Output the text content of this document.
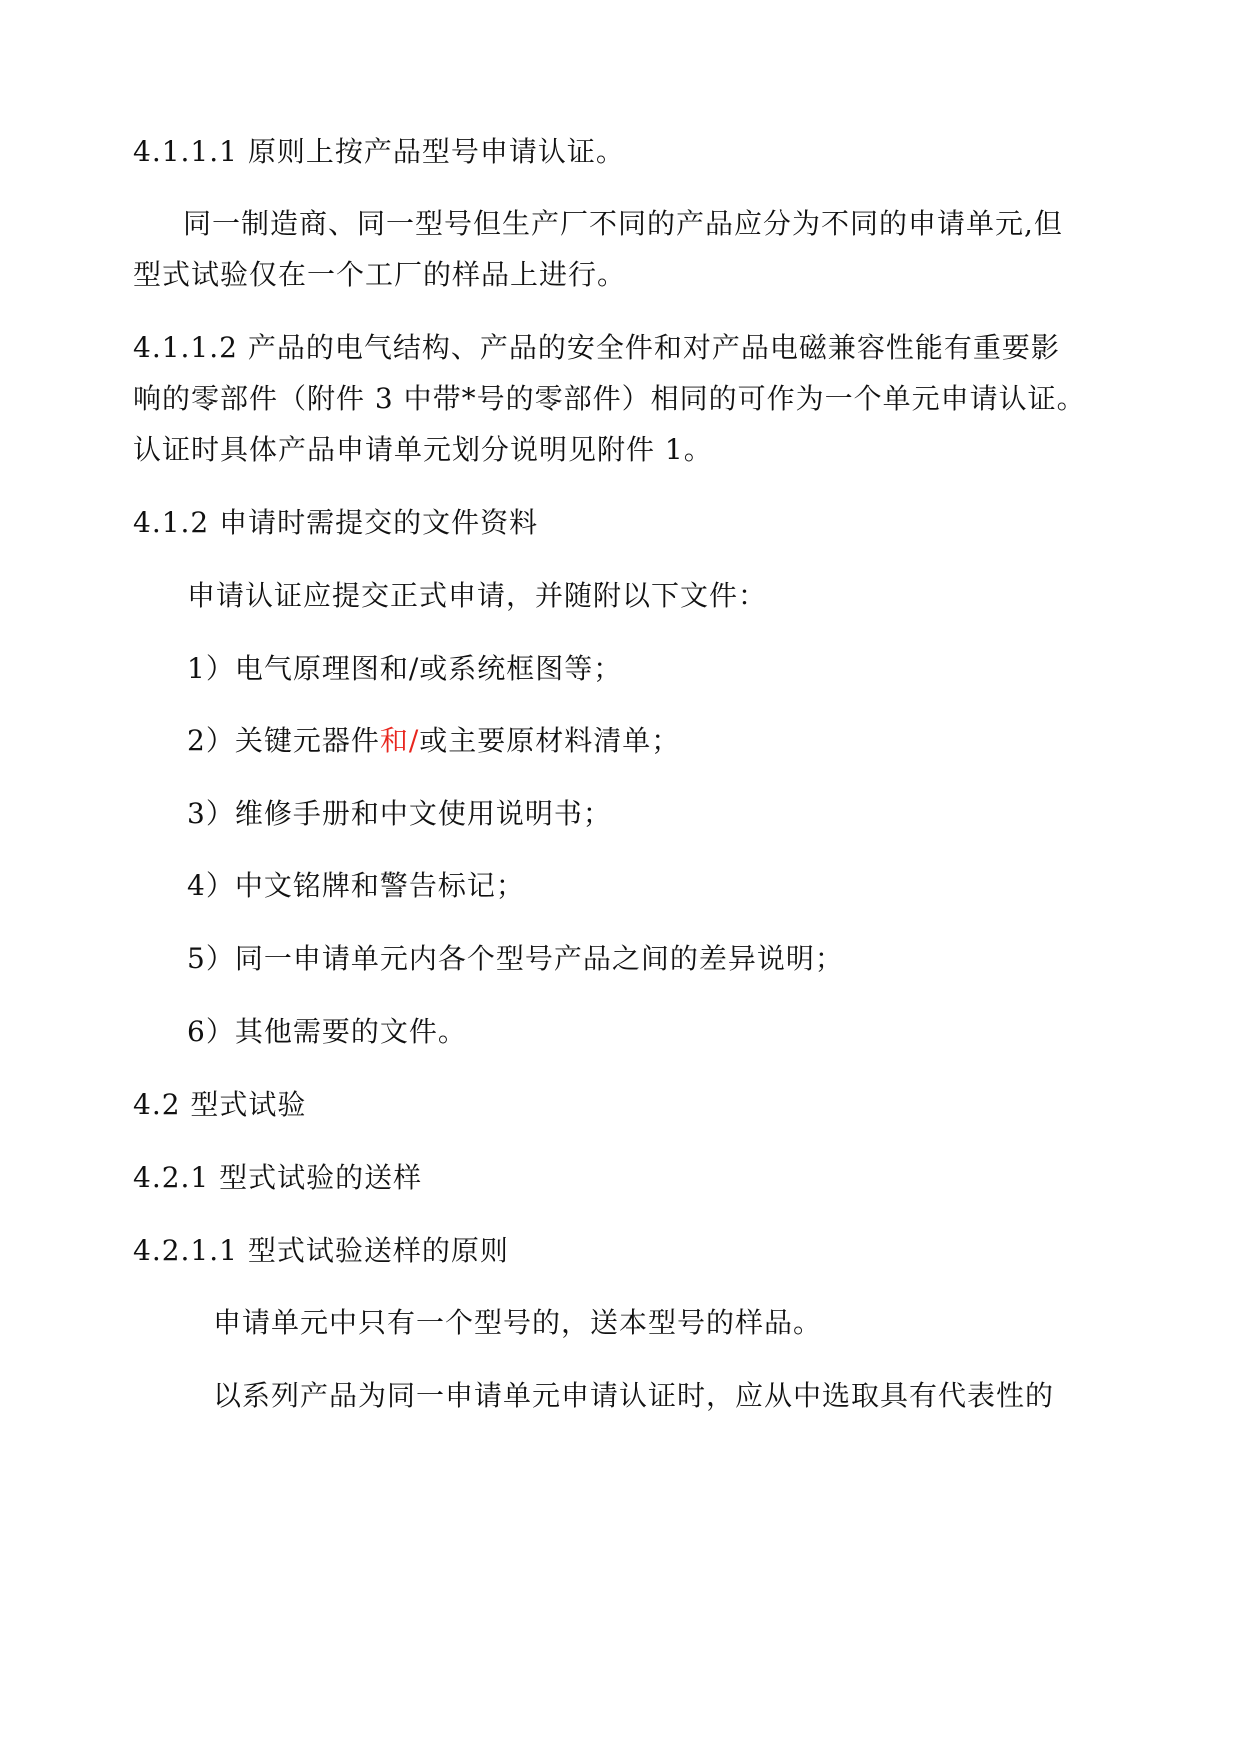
4.1.1.1 原则上按产品型号申请认证。
同一制造商、同一型号但生产厂不同的产品应分为不同的申请单元,但
型式试验仅在一个工厂的样品上进行。
4.1.1.2 产品的电气结构、产品的安全件和对产品电磁兼容性能有重要影
响的零部件（附件 3 中带*号的零部件）相同的可作为一个单元申请认证。
认证时具体产品申请单元划分说明见附件 1。
4.1.2 申请时需提交的文件资料
申请认证应提交正式申请，并随附以下文件：
1）电气原理图和/或系统框图等；
2）关键元器件和/或主要原材料清单；
3）维修手册和中文使用说明书；
4）中文铭牌和警告标记；
5）同一申请单元内各个型号产品之间的差异说明；
6）其他需要的文件。
4.2 型式试验
4.2.1 型式试验的送样
4.2.1.1 型式试验送样的原则
申请单元中只有一个型号的，送本型号的样品。
以系列产品为同一申请单元申请认证时，应从中选取具有代表性的
